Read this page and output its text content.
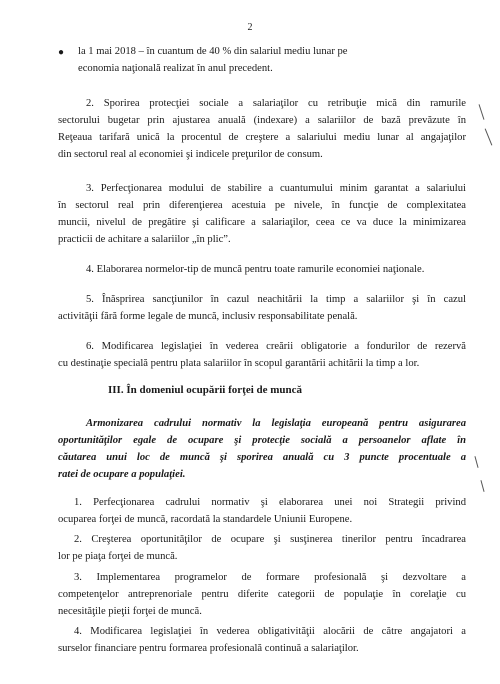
2
● la 1 mai 2018 – în cuantum de 40 % din salariul mediu lunar pe
economia naţională realizat în anul precedent.
2. Sporirea protecţiei sociale a salariaţilor cu retribuţie mică din ramurile
sectorului bugetar prin ajustarea anuală (indexare) a salariilor de bază prevăzute în
Reţeaua tarifară unică la procentul de creştere a salariului mediu lunar al angajaţilor
din sectorul real al economiei şi indicele preţurilor de consum.
3. Perfecţionarea modului de stabilire a cuantumului minim garantat a salariului
în sectorul real prin diferenţierea acestuia pe nivele, în funcţie de complexitatea
muncii, nivelul de pregătire şi calificare a salariaţilor, ceea ce va duce la minimizarea
practicii de achitare a salariilor „în plic”.
4. Elaborarea normelor-tip de muncă pentru toate ramurile economiei naţionale.
5. Înăsprirea sancţiunilor în cazul neachitării la timp a salariilor şi în cazul
activităţii fără forme legale de muncă, inclusiv responsabilitate penală.
6. Modificarea legislaţiei în vederea creării obligatorie a fondurilor de rezervă
cu destinaţie specială pentru plata salariilor în scopul garantării achitării la timp a lor.
III. În domeniul ocupării forţei de muncă
Armonizarea cadrului normativ la legislaţia europeană pentru asigurarea
oportunităţilor egale de ocupare şi protecţie socială a persoanelor aflate în
căutarea unui loc de muncă şi sporirea anuală cu 3 puncte procentuale a
ratei de ocupare a populaţiei.
1. Perfecţionarea cadrului normativ şi elaborarea unei noi Strategii privind
ocuparea forţei de muncă, racordată la standardele Uniunii Europene.
2. Creşterea oportunităţilor de ocupare şi susţinerea tinerilor pentru încadrarea
lor pe piaţa forţei de muncă.
3. Implementarea programelor de formare profesională şi dezvoltare a
competenţelor antreprenoriale pentru diferite categorii de populaţie în corelaţie cu
necesităţile pieţii forţei de muncă.
4. Modificarea legislaţiei în vederea obligativităţii alocării de către angajatori a
surselor financiare pentru formarea profesională continuă a salariaţilor.
